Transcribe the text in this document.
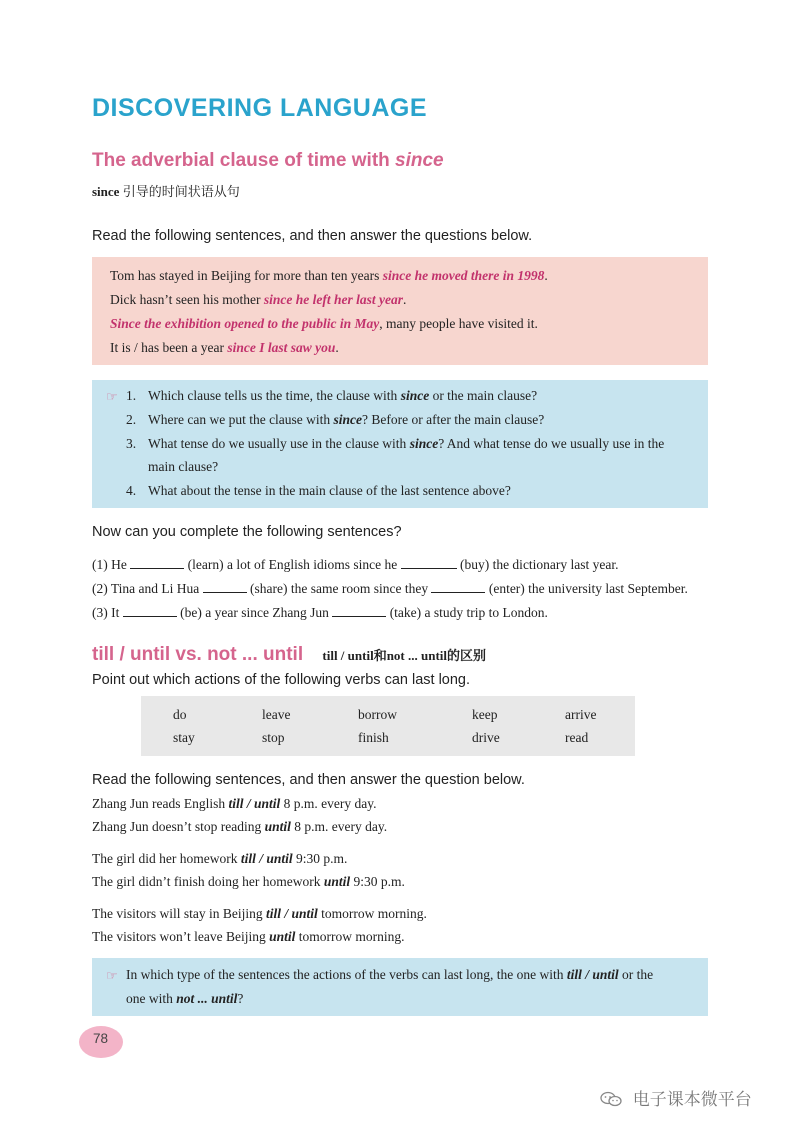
DISCOVERING LANGUAGE
The adverbial clause of time with since
since 引导的时间状语从句
Read the following sentences, and then answer the questions below.
Tom has stayed in Beijing for more than ten years since he moved there in 1998.
Dick hasn’t seen his mother since he left her last year.
Since the exhibition opened to the public in May, many people have visited it.
It is / has been a year since I last saw you.
☞ 1. Which clause tells us the time, the clause with since or the main clause?
2. Where can we put the clause with since? Before or after the main clause?
3. What tense do we usually use in the clause with since? And what tense do we usually use in the
main clause?
4. What about the tense in the main clause of the last sentence above?
Now can you complete the following sentences?
(1) He	(learn) a lot of English idioms since he	(buy) the dictionary last year.
(2) Tina and Li Hua	(share) the same room since they	(enter) the university last September.
(3) It	(be) a year since Zhang Jun	(take) a study trip to London.
till / until vs. not ... until till / until和not ... until的区别
Point out which actions of the following verbs can last long.
do	leave	borrow	keep	arrive
stay	stop	finish	drive	read
Read the following sentences, and then answer the question below.
Zhang Jun reads English till / until 8 p.m. every day.
Zhang Jun doesn’t stop reading until 8 p.m. every day.
The girl did her homework till / until 9:30 p.m.
The girl didn’t finish doing her homework until 9:30 p.m.
The visitors will stay in Beijing till / until tomorrow morning.
The visitors won’t leave Beijing until tomorrow morning.
☞ In which type of the sentences the actions of the verbs can last long, the one with till / until or the
one with not ... until?
78
电子课本微平台
